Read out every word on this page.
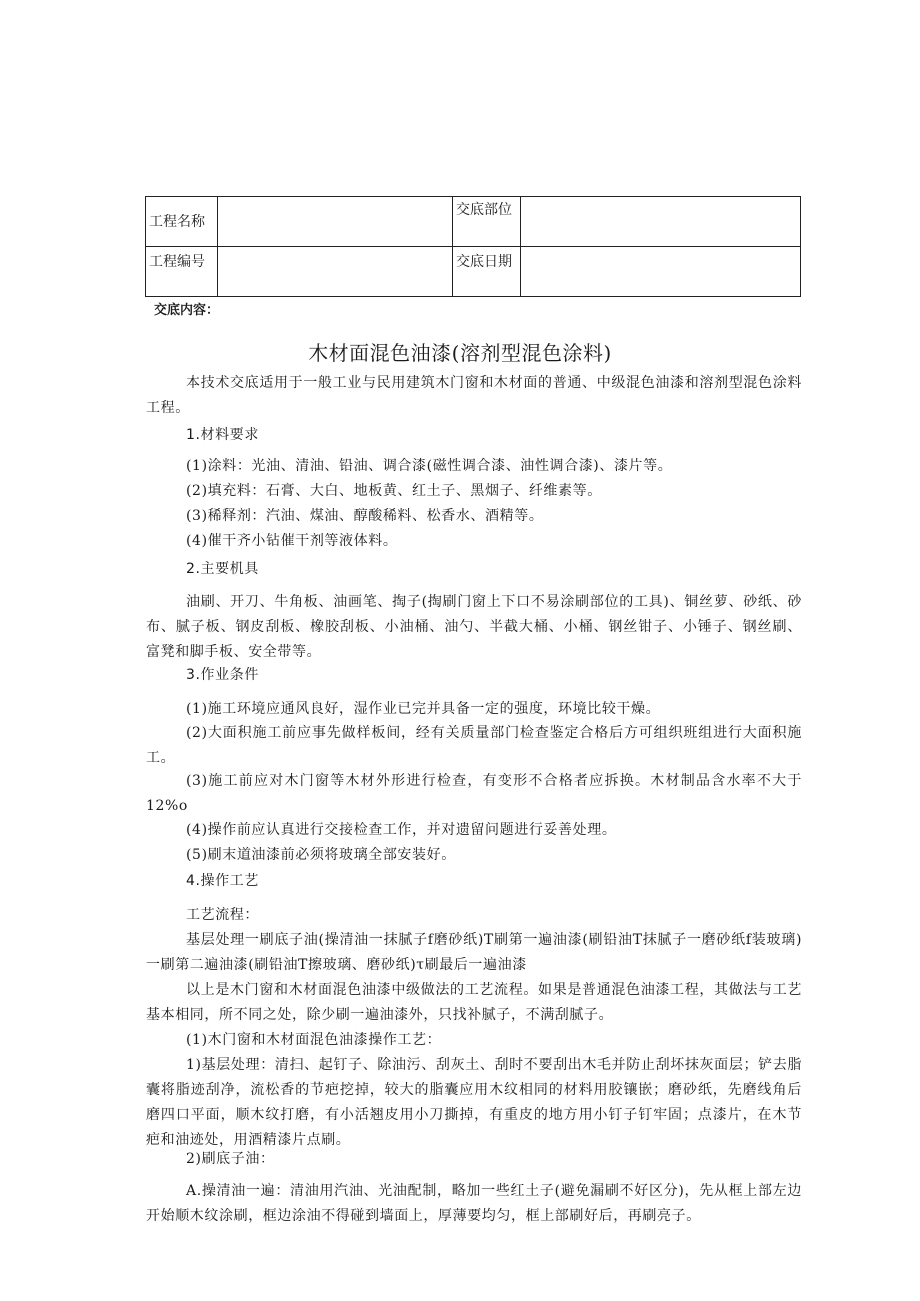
工程名称		交底部位	
工程编号		交底日期	
交底内容：
木材面混色油漆(溶剂型混色涂料)

本技术交底适用于一般工业与民用建筑木门窗和木材面的普通、中级混色油漆和溶剂型混色涂料工程。

1.材料要求

(1)涂料：光油、清油、铅油、调合漆(磁性调合漆、油性调合漆)、漆片等。

(2)填充料：石膏、大白、地板黄、红土子、黑烟子、纤维素等。

(3)稀释剂：汽油、煤油、醇酸稀料、松香水、酒精等。

(4)催干齐小钻催干剂等液体料。

2.主要机具

油刷、开刀、牛角板、油画笔、掏子(掏刷门窗上下口不易涂刷部位的工具)、铜丝萝、砂纸、砂布、腻子板、钢皮刮板、橡胶刮板、小油桶、油勺、半截大桶、小桶、钢丝钳子、小锤子、钢丝刷、富凳和脚手板、安全带等。

3.作业条件

(1)施工环境应通风良好，湿作业已完并具备一定的强度，环境比较干燥。

(2)大面积施工前应事先做样板间，经有关质量部门检查鉴定合格后方可组织班组进行大面积施工。

(3)施工前应对木门窗等木材外形进行检查，有变形不合格者应拆换。木材制品含水率不大于12%o

(4)操作前应认真进行交接检查工作，并对遗留问题进行妥善处理。

(5)刷末道油漆前必须将玻璃全部安装好。

4.操作工艺

工艺流程：

基层处理一刷底子油(操清油一抹腻子f磨砂纸)T刷第一遍油漆(刷铅油T抹腻子一磨砂纸f装玻璃)一刷第二遍油漆(刷铅油T擦玻璃、磨砂纸)τ刷最后一遍油漆

以上是木门窗和木材面混色油漆中级做法的工艺流程。如果是普通混色油漆工程，其做法与工艺基本相同，所不同之处，除少刷一遍油漆外，只找补腻子，不满刮腻子。

(1)木门窗和木材面混色油漆操作工艺：

1)基层处理：清扫、起钉子、除油污、刮灰土、刮时不要刮出木毛并防止刮坏抹灰面层；铲去脂囊将脂迹刮净，流松香的节疤挖掉，较大的脂囊应用木纹相同的材料用胶镶嵌；磨砂纸，先磨线角后磨四口平面，顺木纹打磨，有小活翘皮用小刀撕掉，有重皮的地方用小钉子钉牢固；点漆片，在木节疤和油迹处，用酒精漆片点刷。

2)刷底子油：

A.操清油一遍：清油用汽油、光油配制，略加一些红土子(避免漏刷不好区分)，先从框上部左边开始顺木纹涂刷，框边涂油不得碰到墙面上，厚薄要均匀，框上部刷好后，再刷亮子。
